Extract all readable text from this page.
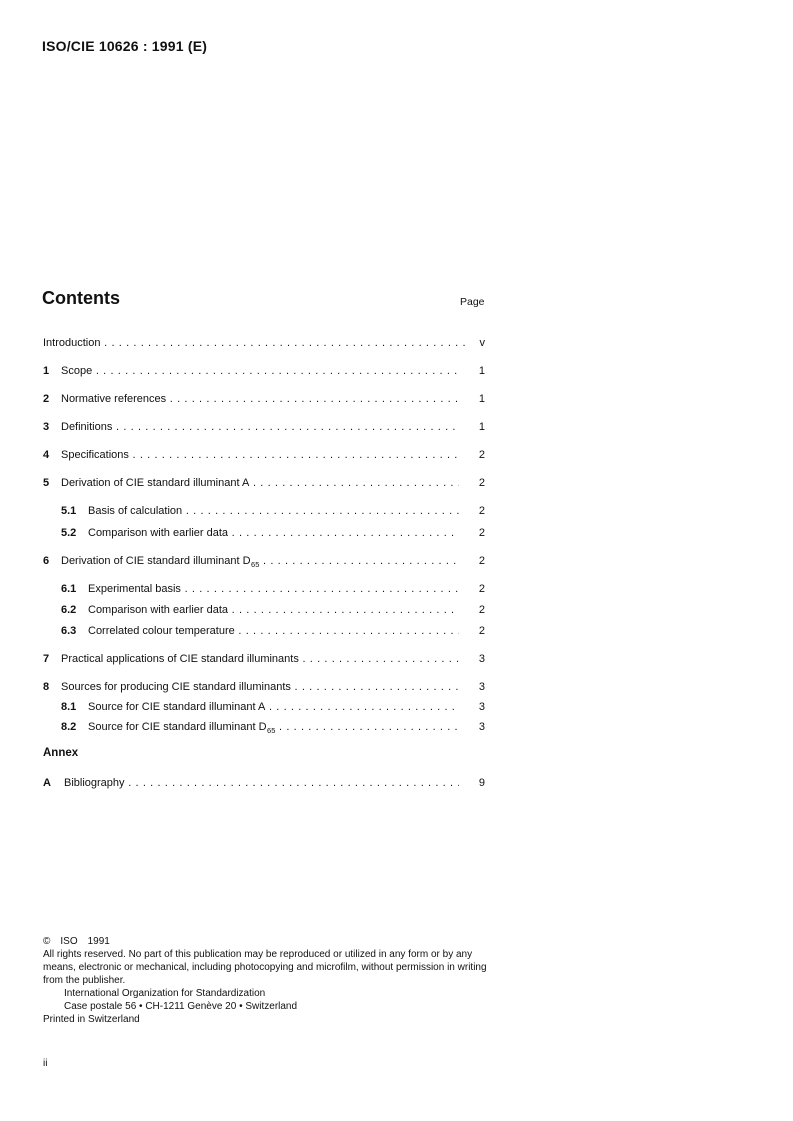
ISO/CIE 10626 : 1991 (E)
Contents	Page
Introduction . . .	v
1 Scope . . .	1
2 Normative references . . .	1
3 Definitions . . .	1
4 Specifications . . .	2
5 Derivation of CIE standard illuminant A . . .	2
5.1 Basis of calculation . . .	2
5.2 Comparison with earlier data . . .	2
6 Derivation of CIE standard illuminant $D_{65}$ . . .	2
6.1 Experimental basis . . .	2
6.2 Comparison with earlier data . . .	2
6.3 Correlated colour temperature . . .	2
7 Practical applications of CIE standard illuminants . . .	3
8 Sources for producing CIE standard illuminants . . .	3
8.1 Source for CIE standard illuminant A . . .	3
8.2 Source for CIE standard illuminant $D_{65}$ . . .	3
Annex
A Bibliography . . .	9
© ISO 1991
All rights reserved. No part of this publication may be reproduced or utilized in any form or by any means, electronic or mechanical, including photocopying and microfilm, without permission in writing from the publisher.
International Organization for Standardization
Case postale 56 • CH-1211 Genève 20 • Switzerland
Printed in Switzerland
ii
